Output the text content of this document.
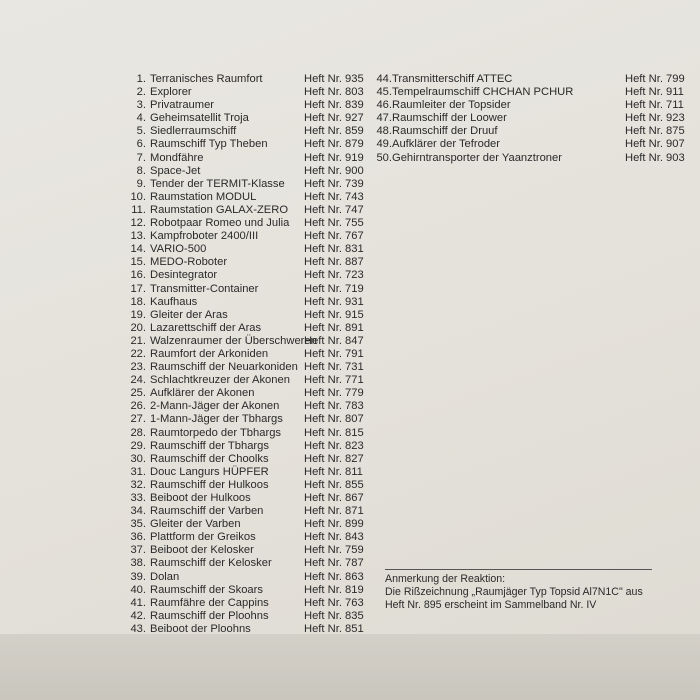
1. Terranisches Raumfort	Heft Nr. 935
2. Explorer	Heft Nr. 803
3. Privatraumer	Heft Nr. 839
4. Geheimsatellit Troja	Heft Nr. 927
5. Siedlerraumschiff	Heft Nr. 859
6. Raumschiff Typ Theben	Heft Nr. 879
7. Mondfähre	Heft Nr. 919
8. Space-Jet	Heft Nr. 900
9. Tender der TERMIT-Klasse Heft Nr. 739
10. Raumstation MODUL	Heft Nr. 743
11. Raumstation GALAX-ZERO Heft Nr. 747
12. Robotpaar Romeo und Julia Heft Nr. 755
13. Kampfroboter 2400/III	Heft Nr. 767
14. VARIO-500	Heft Nr. 831
15. MEDO-Roboter	Heft Nr. 887
16. Desintegrator	Heft Nr. 723
17. Transmitter-Container	Heft Nr. 719
18. Kaufhaus	Heft Nr. 931
19. Gleiter der Aras	Heft Nr. 915
20. Lazarettschiff der Aras	Heft Nr. 891
21. Walzenraumer der Überschweren
Heft Nr. 847
22. Raumfort der Arkoniden	Heft Nr. 791
23. Raumschiff der Neuarkoniden Heft Nr. 731
24. Schlachtkreuzer der Akonen Heft Nr. 771
25. Aufklärer der Akonen	Heft Nr. 779
26. 2-Mann-Jäger der Akonen Heft Nr. 783
27. 1-Mann-Jäger der Tbhargs Heft Nr. 807
28. Raumtorpedo der Tbhargs Heft Nr. 815
29. Raumschiff der Tbhargs	Heft Nr. 823
30. Raumschiff der Choolks	Heft Nr. 827
31. Douc Langurs HÜPFER	Heft Nr. 811
32. Raumschiff der Hulkoos	Heft Nr. 855
33. Beiboot der Hulkoos	Heft Nr. 867
34. Raumschiff der Varben	Heft Nr. 871
35. Gleiter der Varben	Heft Nr. 899
36. Plattform der Greikos	Heft Nr. 843
37. Beiboot der Kelosker	Heft Nr. 759
38. Raumschiff der Kelosker	Heft Nr. 787
39. Dolan	Heft Nr. 863
40. Raumschiff der Skoars	Heft Nr. 819
41. Raumfähre der Cappins	Heft Nr. 763
42. Raumschiff der Ploohns	Heft Nr. 835
43. Beiboot der Ploohns	Heft Nr. 851
44. Transmitterschiff ATTEC	Heft Nr. 799
45. Tempelraumschiff CHCHAN PCHUR	Heft Nr. 911
46. Raumleiter der Topsider	Heft Nr. 711
47. Raumschiff der Loower	Heft Nr. 923
48. Raumschiff der Druuf	Heft Nr. 875
49. Aufklärer der Tefroder	Heft Nr. 907
50. Gehirntransporter der Yaanztroner	Heft Nr. 903

Anmerkung der Reaktion:

Die Rißzeichnung „Raumjäger Typ Topsid Al7N1C" aus

Heft Nr. 895 erscheint im Sammelband Nr. IV
